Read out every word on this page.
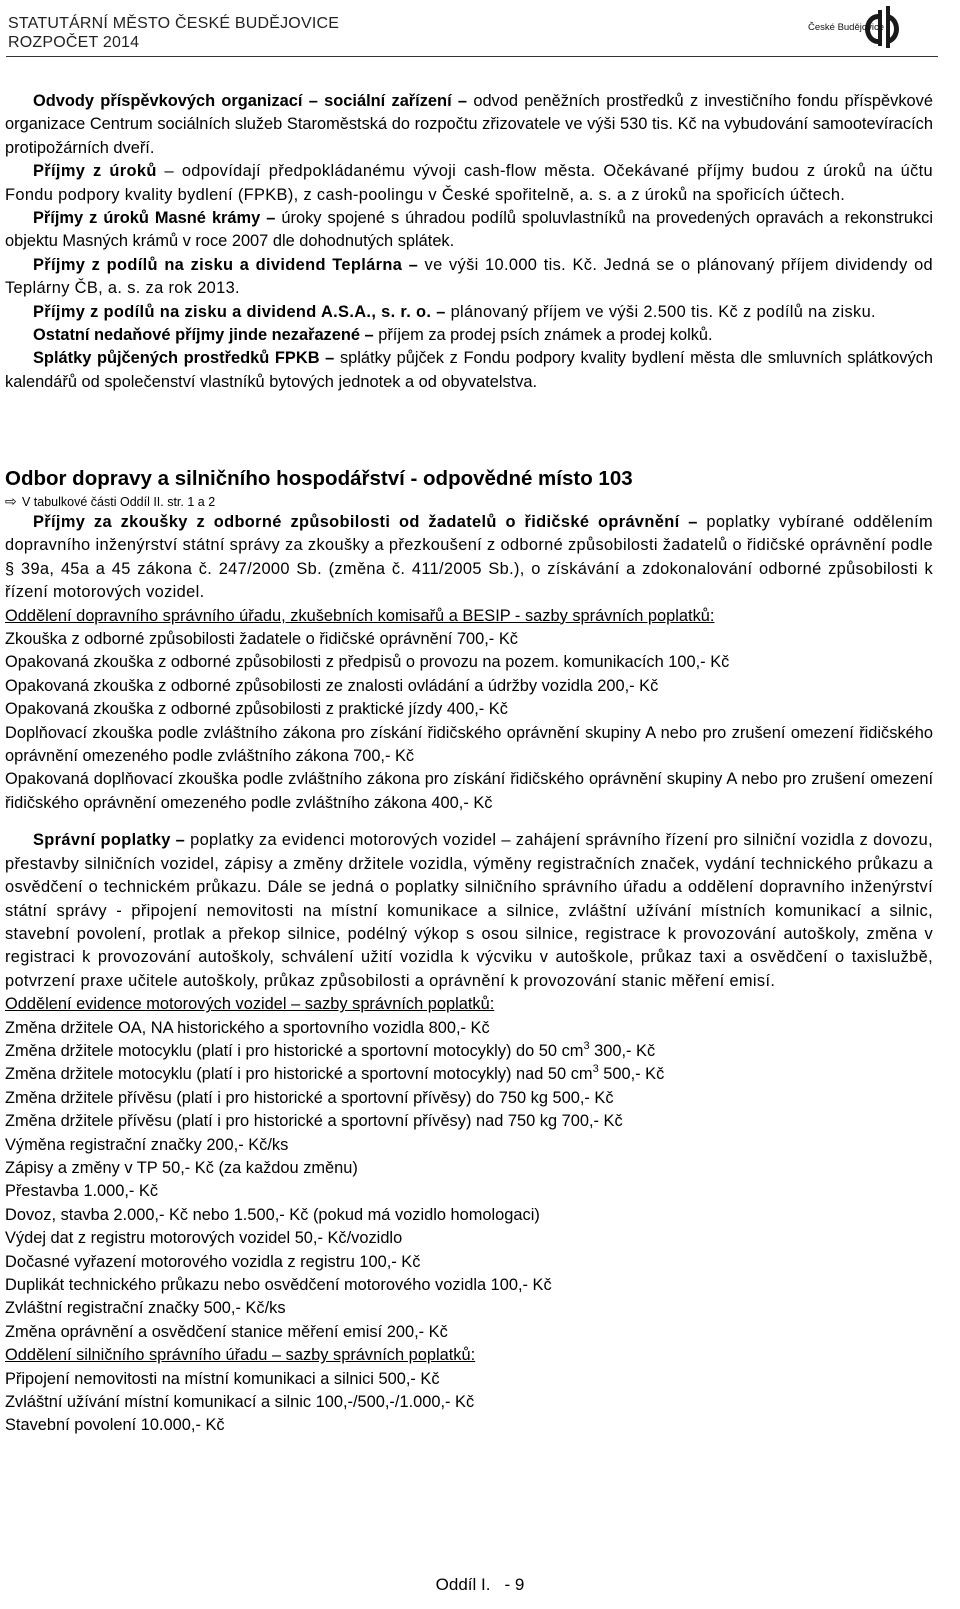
STATUTÁRNÍ MĚSTO ČESKÉ BUDĚJOVICE
ROZPOČET 2014
České Budějovice

Odvody příspěvkových organizací – sociální zařízení – odvod peněžních prostředků z investičního fondu příspěvkové organizace Centrum sociálních služeb Staroměstská do rozpočtu zřizovatele ve výši 530 tis. Kč na vybudování samootevíracích protipožárních dveří.

Příjmy z úroků – odpovídají předpokládanému vývoji cash-flow města. Očekávané příjmy budou z úroků na účtu Fondu podpory kvality bydlení (FPKB), z cash-poolingu v České spořitelně, a. s. a z úroků na spořicích účtech.

Příjmy z úroků Masné krámy – úroky spojené s úhradou podílů spoluvlastníků na provedených opravách a rekonstrukci objektu Masných krámů v roce 2007 dle dohodnutých splátek.

Příjmy z podílů na zisku a dividend Teplárna – ve výši 10.000 tis. Kč. Jedná se o plánovaný příjem dividendy od Teplárny ČB, a. s. za rok 2013.

Příjmy z podílů na zisku a dividend A.S.A., s. r. o. – plánovaný příjem ve výši 2.500 tis. Kč z podílů na zisku.

Ostatní nedaňové příjmy jinde nezařazené – příjem za prodej psích známek a prodej kolků.

Splátky půjčených prostředků FPKB – splátky půjček z Fondu podpory kvality bydlení města dle smluvních splátkových kalendářů od společenství vlastníků bytových jednotek a od obyvatelstva.

Odbor dopravy a silničního hospodářství - odpovědné místo 103

⇨ V tabulkové části Oddíl II. str. 1 a 2

Příjmy za zkoušky z odborné způsobilosti od žadatelů o řidičské oprávnění – poplatky vybírané oddělením dopravního inženýrství státní správy za zkoušky a přezkoušení z odborné způsobilosti žadatelů o řidičské oprávnění podle § 39a, 45a a 45 zákona č. 247/2000 Sb. (změna č. 411/2005 Sb.), o získávání a zdokonalování odborné způsobilosti k řízení motorových vozidel.

Oddělení dopravního správního úřadu, zkušebních komisařů a BESIP - sazby správních poplatků:

Zkouška z odborné způsobilosti žadatele o řidičské oprávnění 700,- Kč

Opakovaná zkouška z odborné způsobilosti z předpisů o provozu na pozem. komunikacích 100,- Kč

Opakovaná zkouška z odborné způsobilosti ze znalosti ovládání a údržby vozidla 200,- Kč

Opakovaná zkouška z odborné způsobilosti z praktické jízdy 400,- Kč

Doplňovací zkouška podle zvláštního zákona pro získání řidičského oprávnění skupiny A nebo pro zrušení omezení řidičského oprávnění omezeného podle zvláštního zákona 700,- Kč

Opakovaná doplňovací zkouška podle zvláštního zákona pro získání řidičského oprávnění skupiny A nebo pro zrušení omezení řidičského oprávnění omezeného podle zvláštního zákona 400,- Kč

Správní poplatky – poplatky za evidenci motorových vozidel – zahájení správního řízení pro silniční vozidla z dovozu, přestavby silničních vozidel, zápisy a změny držitele vozidla, výměny registračních značek, vydání technického průkazu a osvědčení o technickém průkazu. Dále se jedná o poplatky silničního správního úřadu a oddělení dopravního inženýrství státní správy - připojení nemovitosti na místní komunikace a silnice, zvláštní užívání místních komunikací a silnic, stavební povolení, protlak a překop silnice, podélný výkop s osou silnice, registrace k provozování autoškoly, změna v registraci k provozování autoškoly, schválení užití vozidla k výcviku v autoškole, průkaz taxi a osvědčení o taxislužbě, potvrzení praxe učitele autoškoly, průkaz způsobilosti a oprávnění k provozování stanic měření emisí.

Oddělení evidence motorových vozidel – sazby správních poplatků:

Změna držitele OA, NA historického a sportovního vozidla 800,- Kč

Změna držitele motocyklu (platí i pro historické a sportovní motocykly) do 50 $cm^3$ 300,- Kč

Změna držitele motocyklu (platí i pro historické a sportovní motocykly) nad 50 $cm^3$ 500,- Kč

Změna držitele přívěsu (platí i pro historické a sportovní přívěsy) do 750 kg 500,- Kč

Změna držitele přívěsu (platí i pro historické a sportovní přívěsy) nad 750 kg 700,- Kč

Výměna registrační značky 200,- Kč/ks

Zápisy a změny v TP 50,- Kč (za každou změnu)

Přestavba 1.000,- Kč

Dovoz, stavba 2.000,- Kč nebo 1.500,- Kč (pokud má vozidlo homologaci)

Výdej dat z registru motorových vozidel 50,- Kč/vozidlo

Dočasné vyřazení motorového vozidla z registru 100,- Kč

Duplikát technického průkazu nebo osvědčení motorového vozidla 100,- Kč

Zvláštní registrační značky 500,- Kč/ks

Změna oprávnění a osvědčení stanice měření emisí 200,- Kč

Oddělení silničního správního úřadu – sazby správních poplatků:

Připojení nemovitosti na místní komunikaci a silnici 500,- Kč

Zvláštní užívání místní komunikací a silnic 100,-/500,-/1.000,- Kč

Stavební povolení 10.000,- Kč

Oddíl I. - 9
